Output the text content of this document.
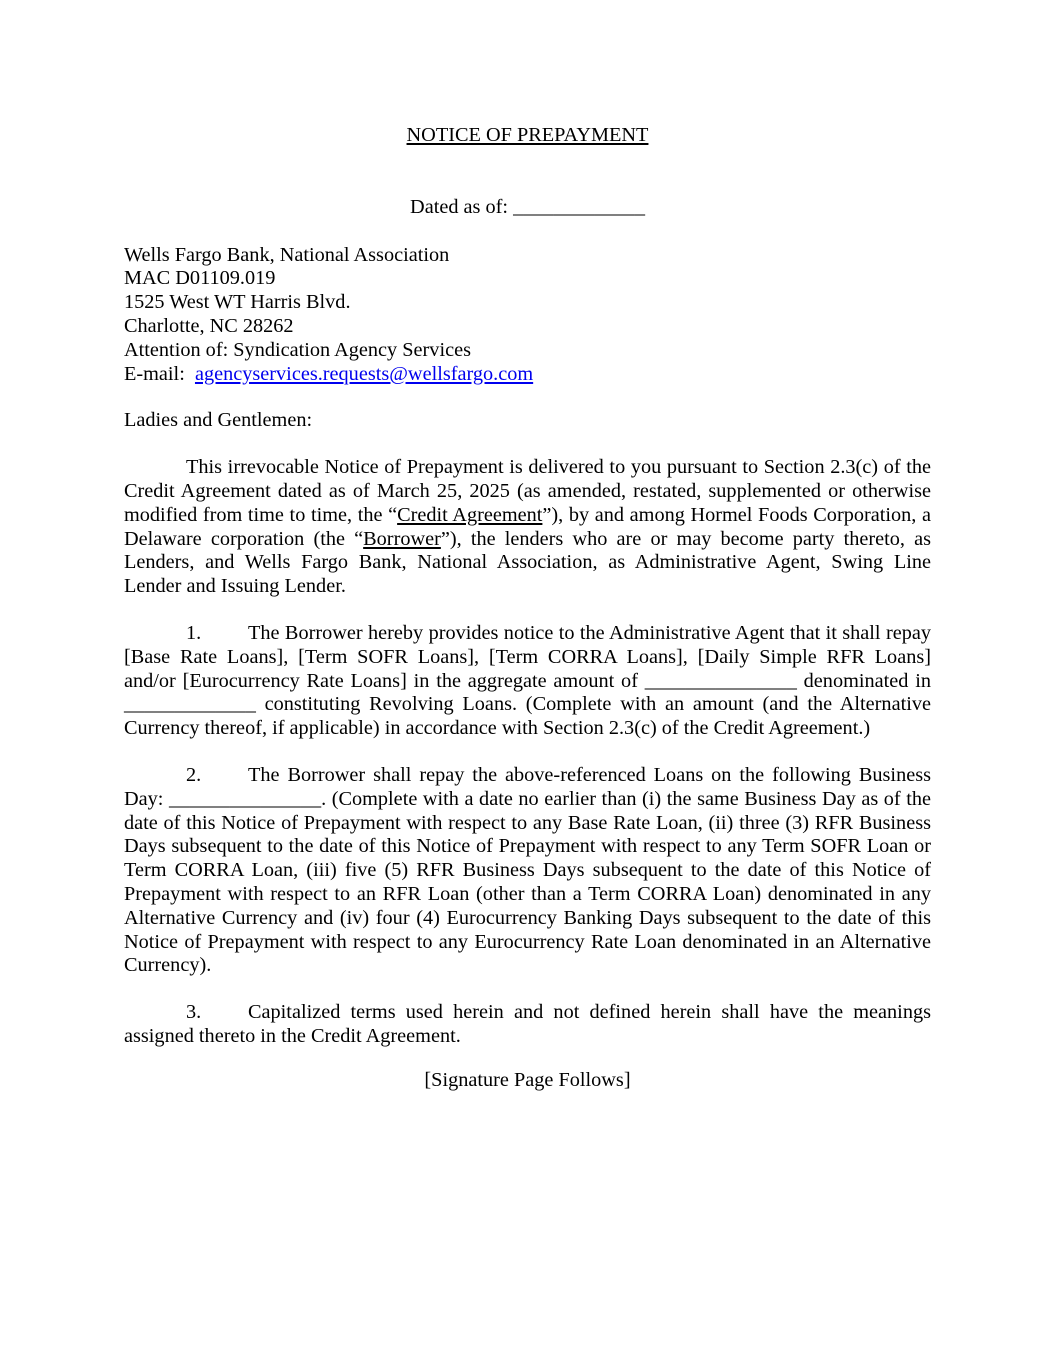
NOTICE OF PREPAYMENT

Dated as of: _____________
Wells Fargo Bank, National Association
MAC D01109.019
1525 West WT Harris Blvd.
Charlotte, NC 28262
Attention of: Syndication Agency Services
E-mail: agencyservices.requests@wellsfargo.com
Ladies and Gentlemen:
This irrevocable Notice of Prepayment is delivered to you pursuant to Section 2.3(c) of the Credit Agreement dated as of March 25, 2025 (as amended, restated, supplemented or otherwise modified from time to time, the “Credit Agreement”), by and among Hormel Foods Corporation, a Delaware corporation (the “Borrower”), the lenders who are or may become party thereto, as Lenders, and Wells Fargo Bank, National Association, as Administrative Agent, Swing Line Lender and Issuing Lender.
1. The Borrower hereby provides notice to the Administrative Agent that it shall repay [Base Rate Loans], [Term SOFR Loans], [Term CORRA Loans], [Daily Simple RFR Loans] and/or [Eurocurrency Rate Loans] in the aggregate amount of _______________ denominated in _____________ constituting Revolving Loans. (Complete with an amount (and the Alternative Currency thereof, if applicable) in accordance with Section 2.3(c) of the Credit Agreement.)
2. The Borrower shall repay the above-referenced Loans on the following Business Day: _______________. (Complete with a date no earlier than (i) the same Business Day as of the date of this Notice of Prepayment with respect to any Base Rate Loan, (ii) three (3) RFR Business Days subsequent to the date of this Notice of Prepayment with respect to any Term SOFR Loan or Term CORRA Loan, (iii) five (5) RFR Business Days subsequent to the date of this Notice of Prepayment with respect to an RFR Loan (other than a Term CORRA Loan) denominated in any Alternative Currency and (iv) four (4) Eurocurrency Banking Days subsequent to the date of this Notice of Prepayment with respect to any Eurocurrency Rate Loan denominated in an Alternative Currency).
3. Capitalized terms used herein and not defined herein shall have the meanings assigned thereto in the Credit Agreement.
[Signature Page Follows]
